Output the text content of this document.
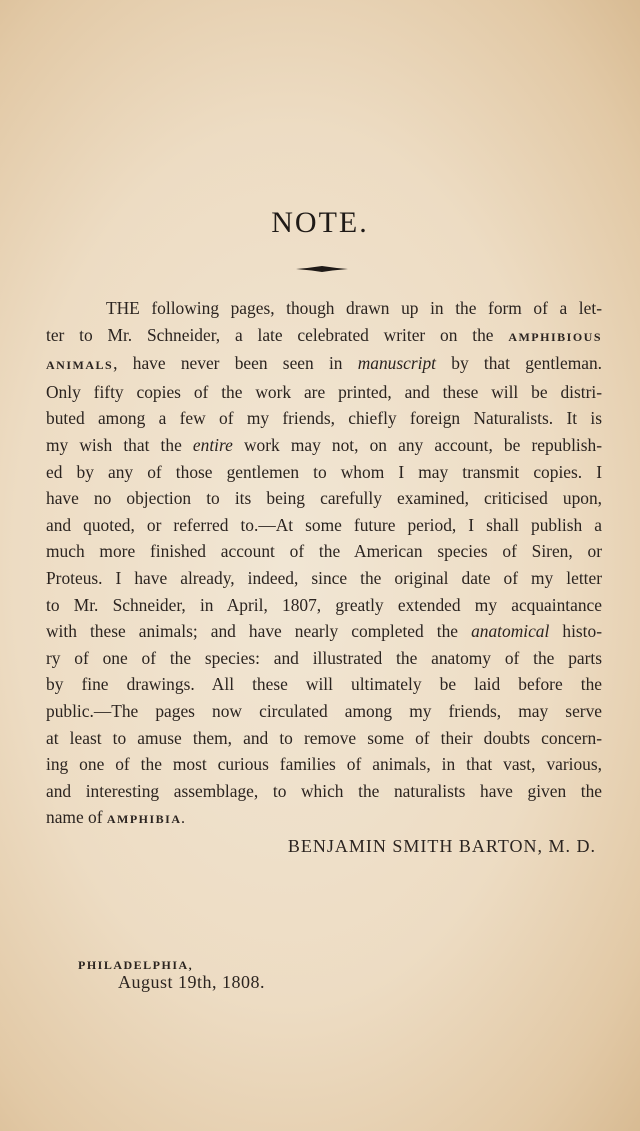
NOTE.
THE following pages, though drawn up in the form of a let-
ter to Mr. Schneider, a late celebrated writer on the AMPHIBIOUS
ANIMALS, have never been seen in manuscript by that gentleman.
Only fifty copies of the work are printed, and these will be distri-
buted among a few of my friends, chiefly foreign Naturalists. It is
my wish that the entire work may not, on any account, be republish-
ed by any of those gentlemen to whom I may transmit copies. I
have no objection to its being carefully examined, criticised upon,
and quoted, or referred to.—At some future period, I shall publish a
much more finished account of the American species of Siren, or
Proteus. I have already, indeed, since the original date of my letter
to Mr. Schneider, in April, 1807, greatly extended my acquaintance
with these animals; and have nearly completed the anatomical histo-
ry of one of the species: and illustrated the anatomy of the parts
by fine drawings. All these will ultimately be laid before the
public.—The pages now circulated among my friends, may serve
at least to amuse them, and to remove some of their doubts concern-
ing one of the most curious families of animals, in that vast, various,
and interesting assemblage, to which the naturalists have given the
name of AMPHIBIA.
BENJAMIN SMITH BARTON, M. D.
PHILADELPHIA,
August 19th, 1808.
